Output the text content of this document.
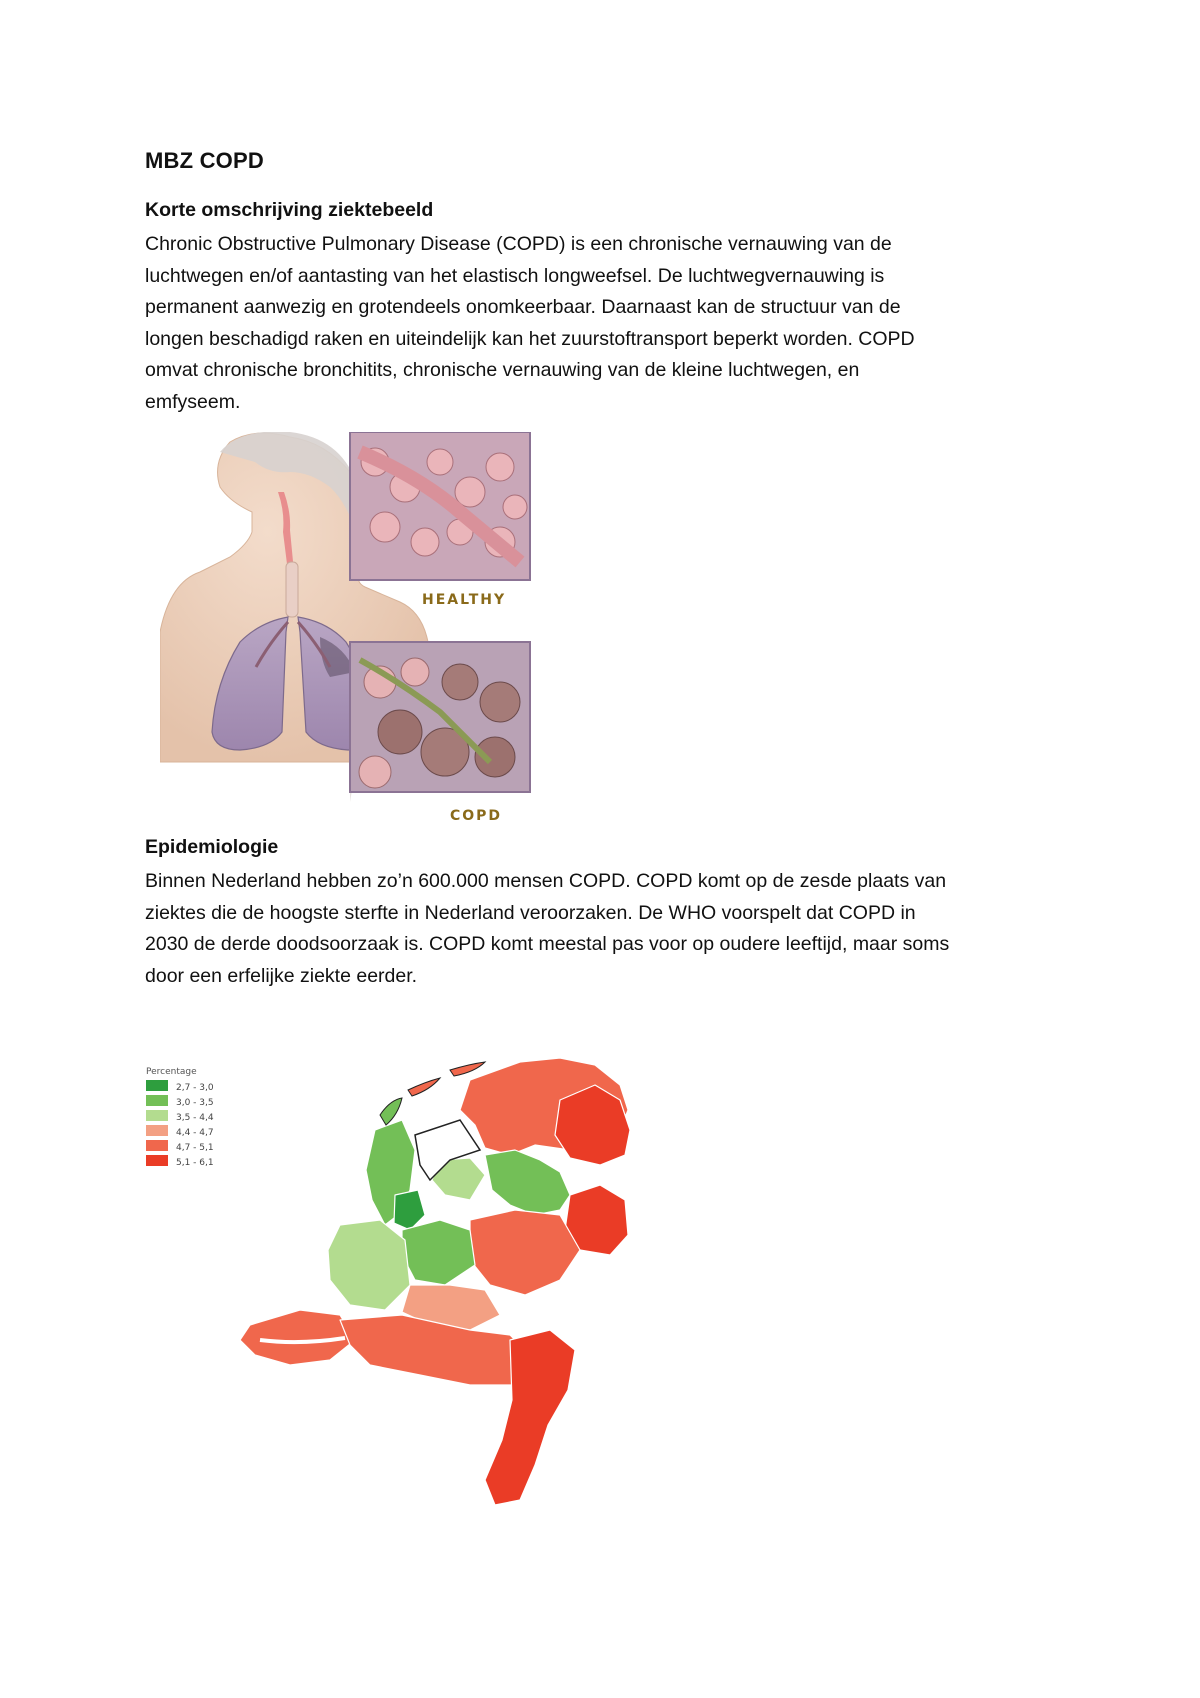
MBZ COPD
Korte omschrijving ziektebeeld
Chronic Obstructive Pulmonary Disease (COPD) is een chronische vernauwing van de
luchtwegen en/of aantasting van het elastisch longweefsel. De luchtwegvernauwing is
permanent aanwezig en grotendeels onomkeerbaar. Daarnaast kan de structuur van de
longen beschadigd raken en uiteindelijk kan het zuurstoftransport beperkt worden. COPD
omvat chronische bronchitits, chronische vernauwing van de kleine luchtwegen, en
emfyseem.
HEALTHY
COPD
Epidemiologie
Binnen Nederland hebben zo’n 600.000 mensen COPD. COPD komt op de zesde plaats van
ziektes die de hoogste sterfte in Nederland veroorzaken. De WHO voorspelt dat COPD in
2030 de derde doodsoorzaak is. COPD komt meestal pas voor op oudere leeftijd, maar soms
door een erfelijke ziekte eerder.
Percentage
2,7 - 3,0
3,0 - 3,5
3,5 - 4,4
4,4 - 4,7
4,7 - 5,1
5,1 - 6,1
